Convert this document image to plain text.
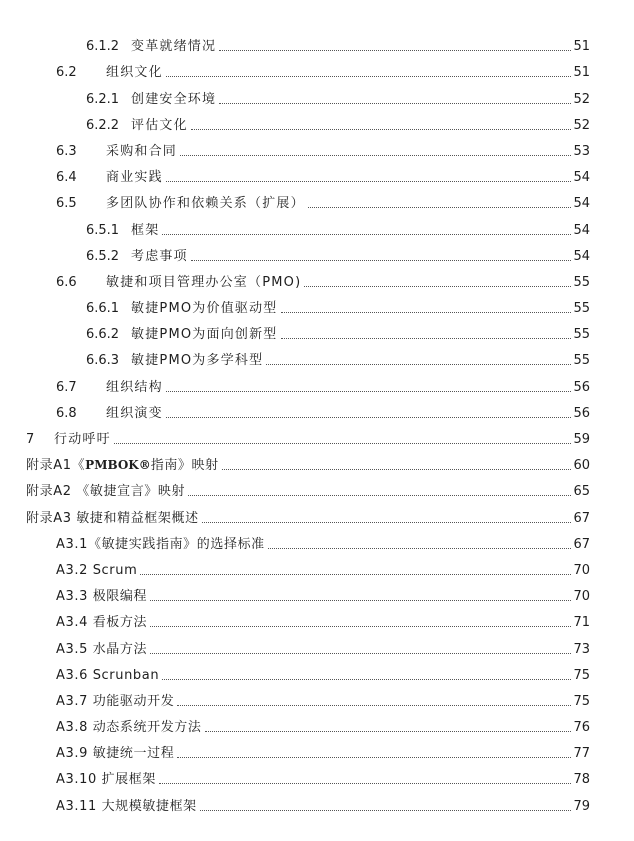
6.1.2 变革就绪情况	51
6.2	组织文化	51
6.2.1 创建安全环境	52
6.2.2 评估文化	52
6.3	采购和合同	53
6.4	商业实践	54
6.5	多团队协作和依赖关系（扩展）	54
6.5.1 框架	54
6.5.2 考虑事项	54
6.6	敏捷和项目管理办公室（PMO)	55
6.6.1 敏捷PMO为价值驱动型	55
6.6.2 敏捷PMO为面向创新型	55
6.6.3 敏捷PMO为多学科型	55
6.7	组织结构	56
6.8	组织演变	56
7	行动呼吁	59
附录A1《PMBOK®指南》映射	60
附录A2 《敏捷宣言》映射	65
附录A3 敏捷和精益框架概述	67
A3.1《敏捷实践指南》的选择标准	67
A3.2 Scrum	70
A3.3 极限编程	70
A3.4 看板方法	71
A3.5 水晶方法	73
A3.6 Scrunban	75
A3.7 功能驱动开发	75
A3.8 动态系统开发方法	76
A3.9 敏捷统一过程	77
A3.10 扩展框架	78
A3.11 大规模敏捷框架	79
